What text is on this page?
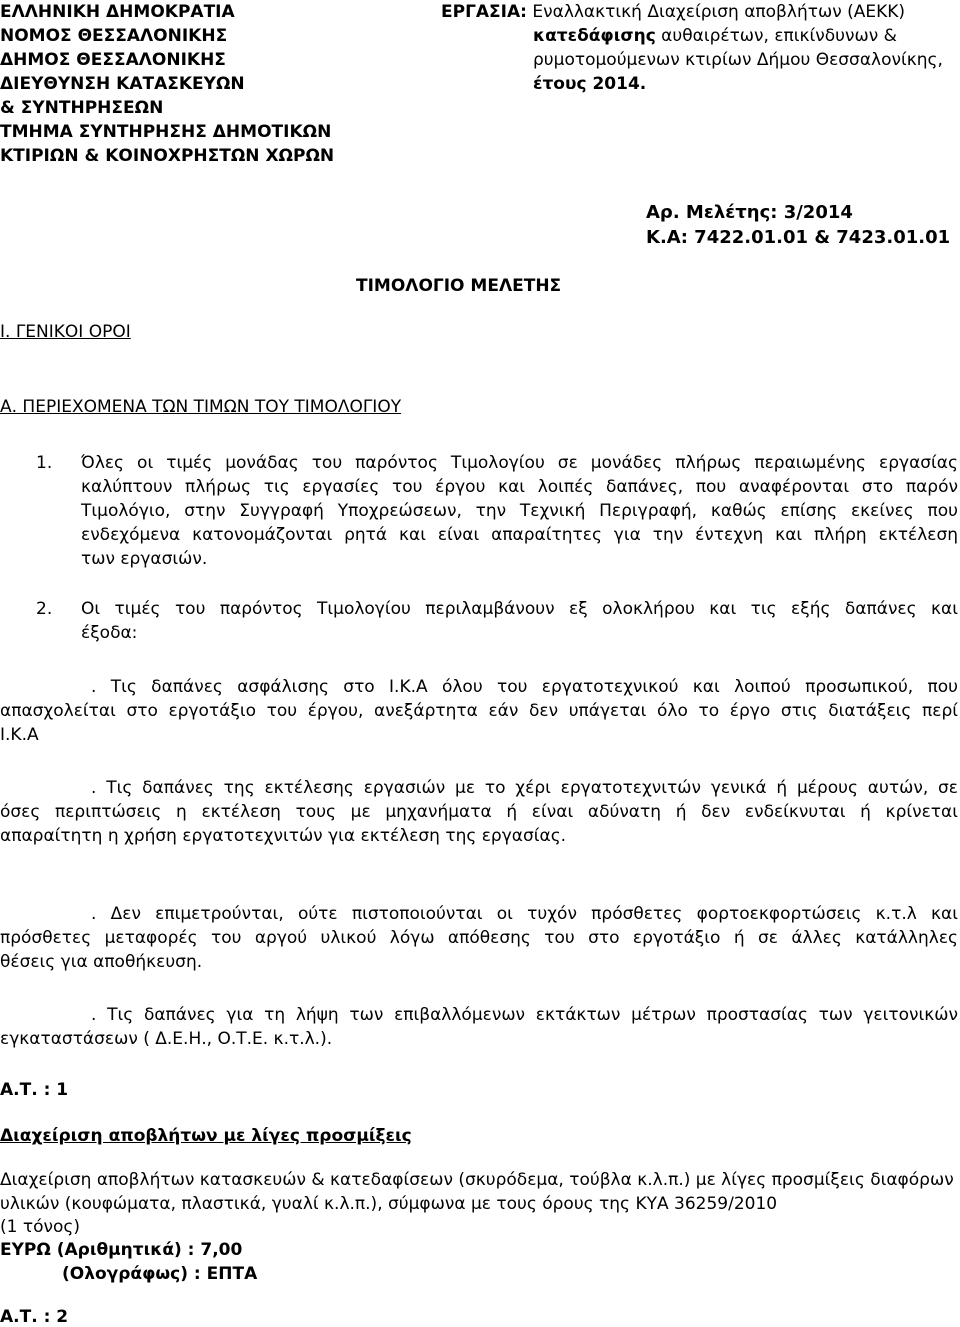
ΕΛΛΗΝΙΚΗ ΔΗΜΟΚΡΑΤΙΑ
ΝΟΜΟΣ ΘΕΣΣΑΛΟΝΙΚΗΣ
ΔΗΜΟΣ ΘΕΣΣΑΛΟΝΙΚΗΣ
ΔΙΕΥΘΥΝΣΗ ΚΑΤΑΣΚΕΥΩΝ
& ΣΥΝΤΗΡΗΣΕΩΝ
ΤΜΗΜΑ ΣΥΝΤΗΡΗΣΗΣ ΔΗΜΟΤΙΚΩΝ
ΚΤΙΡΙΩΝ & ΚΟΙΝΟΧΡΗΣΤΩΝ ΧΩΡΩΝ
ΕΡΓΑΣΙΑ: Εναλλακτική Διαχείριση αποβλήτων (ΑΕΚΚ)
κατεδάφισης αυθαιρέτων, επικίνδυνων &
ρυμοτομούμενων κτιρίων Δήμου Θεσσαλονίκης,
έτους 2014.
Αρ. Μελέτης: 3/2014
Κ.Α: 7422.01.01 & 7423.01.01
ΤΙΜΟΛΟΓΙΟ ΜΕΛΕΤΗΣ
Ι. ΓΕΝΙΚΟΙ ΟΡΟΙ
Α. ΠΕΡΙΕΧΟΜΕΝΑ ΤΩΝ ΤΙΜΩΝ ΤΟΥ ΤΙΜΟΛΟΓΙΟΥ
1. Όλες οι τιμές μονάδας του παρόντος Τιμολογίου σε μονάδες πλήρως περαιωμένης εργασίας
καλύπτουν πλήρως τις εργασίες του έργου και λοιπές δαπάνες, που αναφέρονται στο παρόν
Τιμολόγιο, στην Συγγραφή Υποχρεώσεων, την Τεχνική Περιγραφή, καθώς επίσης εκείνες που
ενδεχόμενα κατονομάζονται ρητά και είναι απαραίτητες για την έντεχνη και πλήρη εκτέλεση
των εργασιών.
2. Οι τιμές του παρόντος Τιμολογίου περιλαμβάνουν εξ ολοκλήρου και τις εξής δαπάνες και
έξοδα:
. Τις δαπάνες ασφάλισης στο Ι.Κ.Α όλου του εργατοτεχνικού και λοιπού προσωπικού, που
απασχολείται στο εργοτάξιο του έργου, ανεξάρτητα εάν δεν υπάγεται όλο το έργο στις διατάξεις περί
Ι.Κ.Α
. Τις δαπάνες της εκτέλεσης εργασιών με το χέρι εργατοτεχνιτών γενικά ή μέρους αυτών, σε
όσες περιπτώσεις η εκτέλεση τους με μηχανήματα ή είναι αδύνατη ή δεν ενδείκνυται ή κρίνεται
απαραίτητη η χρήση εργατοτεχνιτών για εκτέλεση της εργασίας.
. Δεν επιμετρούνται, ούτε πιστοποιούνται οι τυχόν πρόσθετες φορτοεκφορτώσεις κ.τ.λ και
πρόσθετες μεταφορές του αργού υλικού λόγω απόθεσης του στο εργοτάξιο ή σε άλλες κατάλληλες
θέσεις για αποθήκευση.
. Τις δαπάνες για τη λήψη των επιβαλλόμενων εκτάκτων μέτρων προστασίας των γειτονικών
εγκαταστάσεων ( Δ.Ε.Η., Ο.Τ.Ε. κ.τ.λ.).
Α.Τ. : 1
Διαχείριση αποβλήτων με λίγες προσμίξεις
Διαχείριση αποβλήτων κατασκευών & κατεδαφίσεων (σκυρόδεμα, τούβλα κ.λ.π.) με λίγες προσμίξεις διαφόρων
υλικών (κουφώματα, πλαστικά, γυαλί κ.λ.π.), σύμφωνα με τους όρους της ΚΥΑ 36259/2010
(1 τόνος)
ΕΥΡΩ (Αριθμητικά) : 7,00
(Ολογράφως) : ΕΠΤΑ
Α.Τ. : 2
